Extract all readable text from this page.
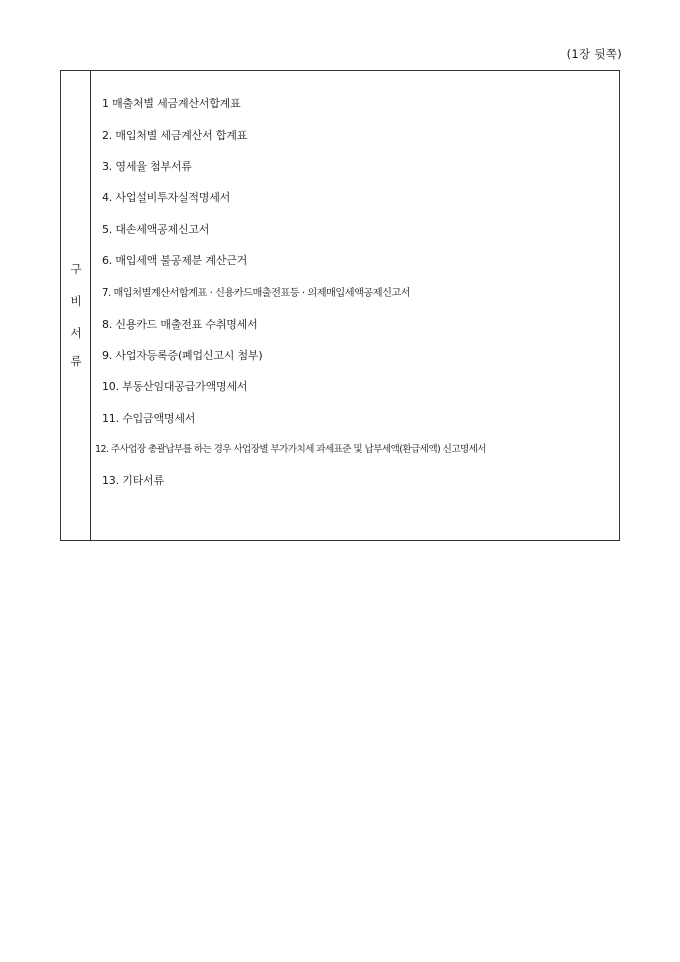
(1장 뒷쪽)
구
비
서
류
1 매출처별 세금계산서합계표
2. 매입처별 세금계산서 합계표
3. 영세율 첨부서류
4. 사업설비투자실적명세서
5. 대손세액공제신고서
6. 매입세액 불공제분 계산근거
7. 매입처별계산서합계표 · 신용카드매출전표등 · 의제매입세액공제신고서
8. 신용카드 매출전표 수취명세서
9. 사업자등록증(폐업신고시 첨부)
10. 부동산임대공급가액명세서
11. 수입금액명세서
12. 주사업장 총괄납부를 하는 경우 사업장별 부가가치세 과세표준 및 납부세액(환급세액) 신고명세서
13. 기타서류
